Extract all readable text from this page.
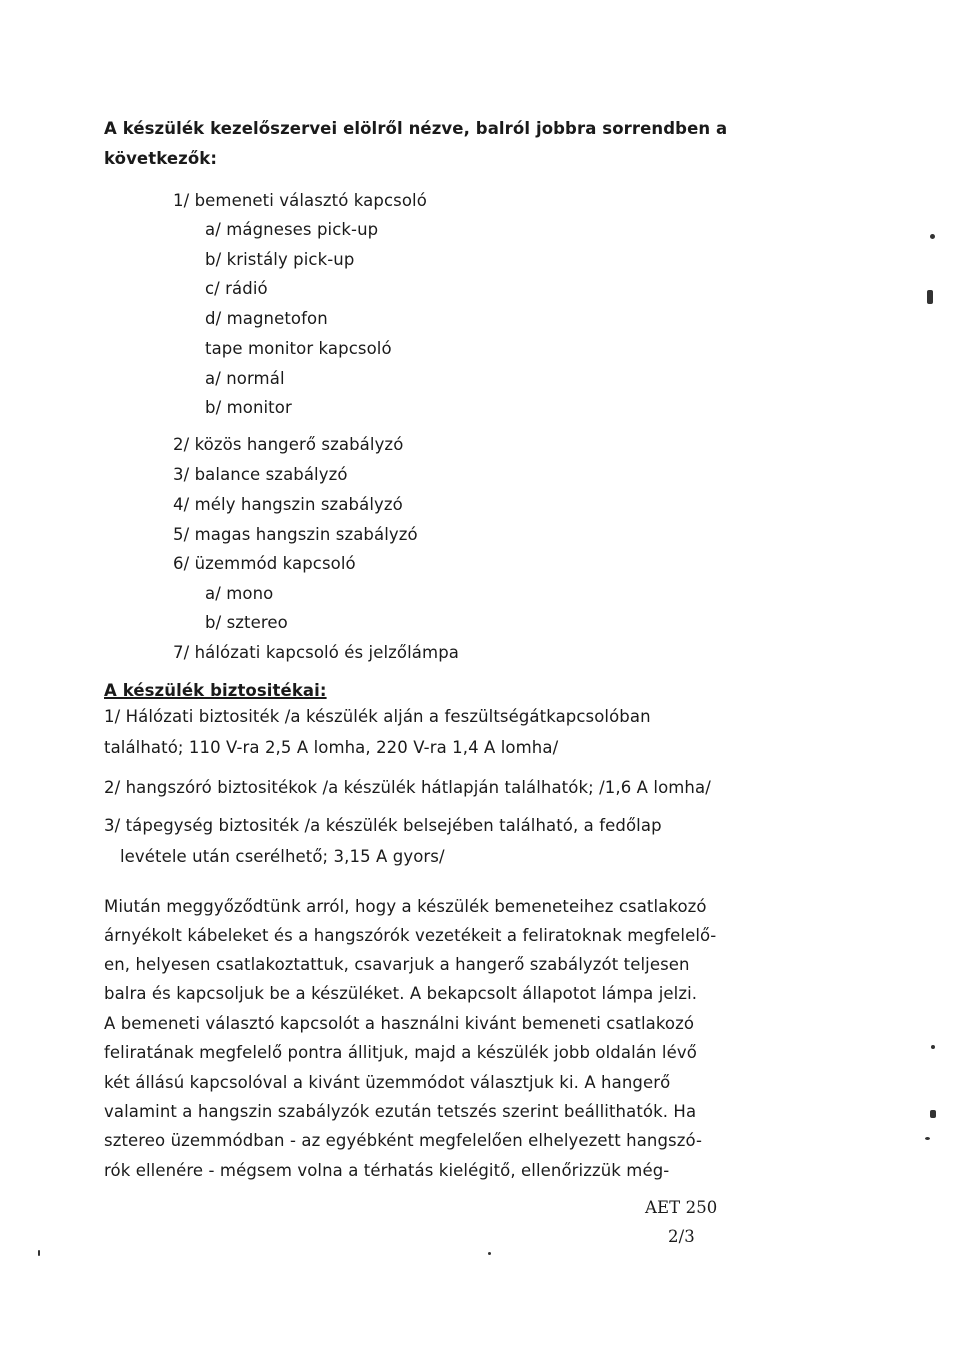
A készülék kezelőszervei elölről nézve, balról jobbra sorrendben a
következők:
1/ bemeneti választó kapcsoló
a/ mágneses pick-up
b/ kristály pick-up
c/ rádió
d/ magnetofon
tape monitor kapcsoló
a/ normál
b/ monitor
2/ közös hangerő szabályzó
3/ balance szabályzó
4/ mély hangszin szabályzó
5/ magas hangszin szabályzó
6/ üzemmód kapcsoló
a/ mono
b/ sztereo
7/ hálózati kapcsoló és jelzőlámpa
A készülék biztositékai:
1/ Hálózati biztositék /a készülék alján a feszültségátkapcsolóban
található; 110 V-ra 2,5 A lomha, 220 V-ra 1,4 A lomha/
2/ hangszóró biztositékok /a készülék hátlapján találhatók; /1,6 A lomha/
3/ tápegység biztositék /a készülék belsejében található, a fedőlap
levétele után cserélhető; 3,15 A gyors/
Miután meggyőződtünk arról, hogy a készülék bemeneteihez csatlakozó
árnyékolt kábeleket és a hangszórók vezetékeit a feliratoknak megfelelő-
en, helyesen csatlakoztattuk, csavarjuk a hangerő szabályzót teljesen
balra és kapcsoljuk be a készüléket. A bekapcsolt állapotot lámpa jelzi.
A bemeneti választó kapcsolót a használni kivánt bemeneti csatlakozó
feliratának megfelelő pontra állitjuk, majd a készülék jobb oldalán lévő
két állású kapcsolóval a kivánt üzemmódot választjuk ki. A hangerő
valamint a hangszin szabályzók ezután tetszés szerint beállithatók. Ha
sztereo üzemmódban - az egyébként megfelelően elhelyezett hangszó-
rók ellenére - mégsem volna a térhatás kielégitő, ellenőrizzük még-
AET 250
2/3
